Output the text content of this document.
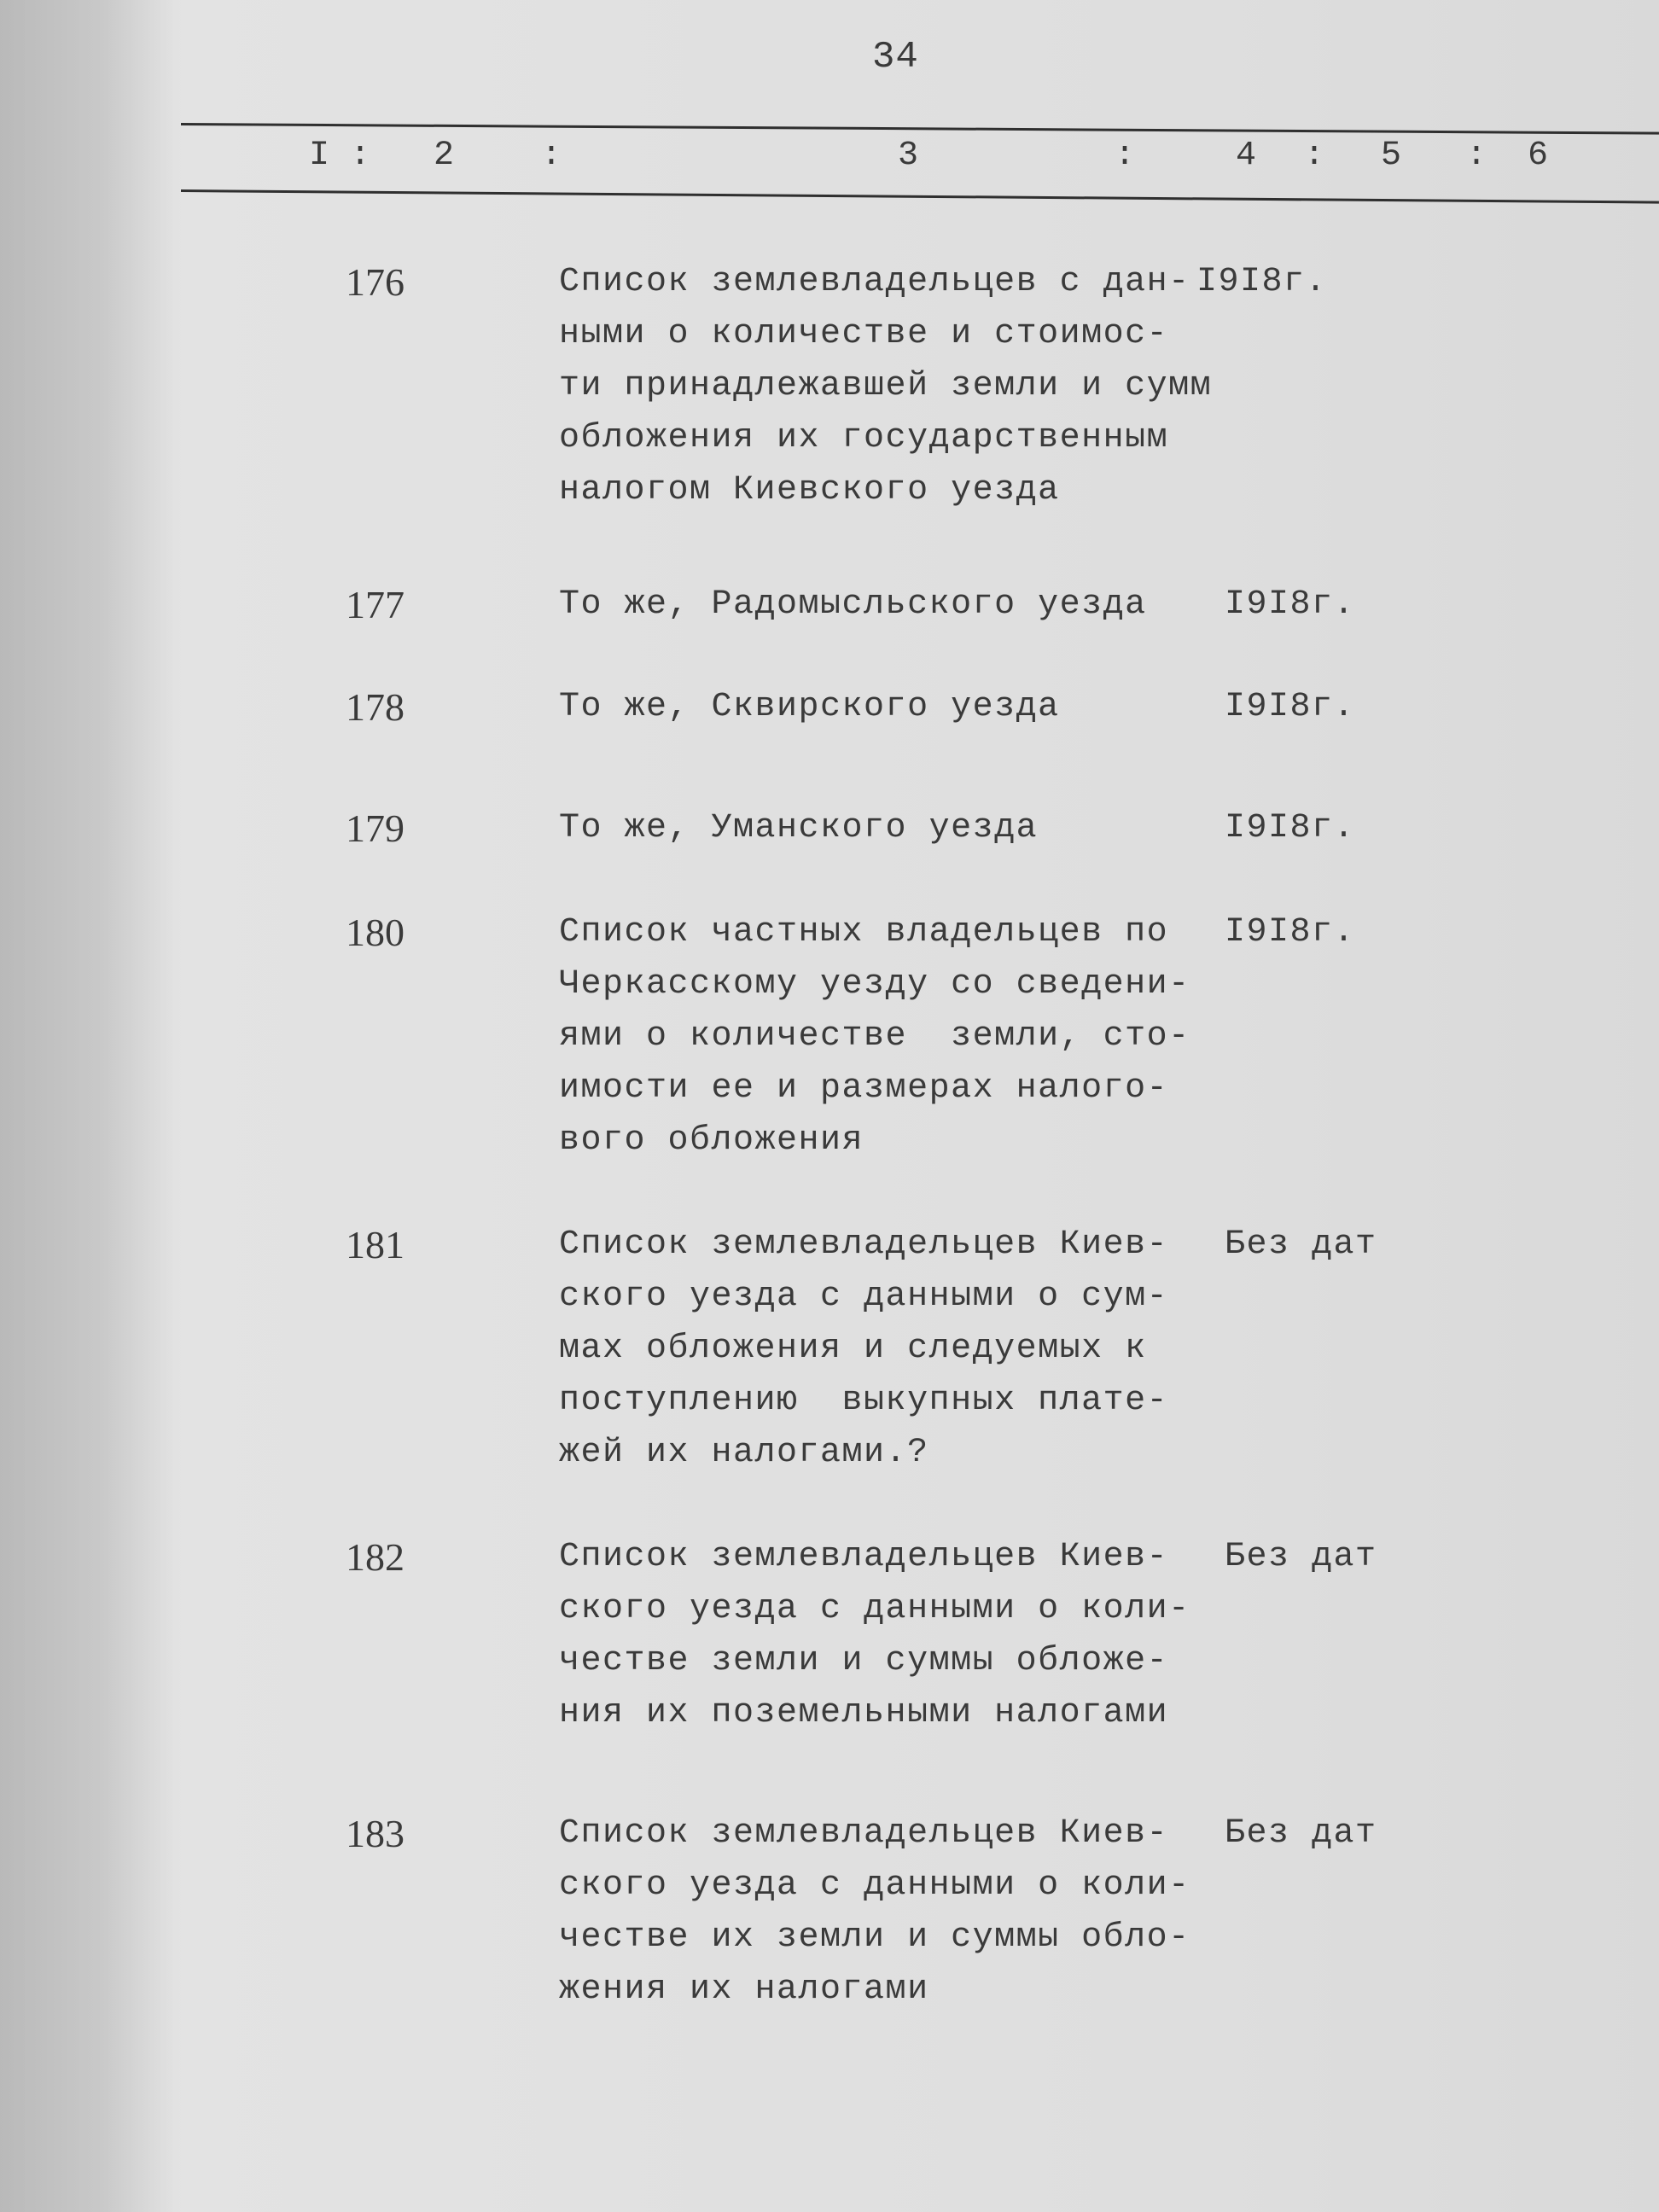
34
I : 2	:	3	:	4 : 5 : 6
176	Список землевладельцев с дан-
ными о количестве и стоимос-
ти принадлежавшей земли и сумм
обложения их государственным
налогом Киевского уезда
I9I8г.
177	То же, Радомысльского уезда	I9I8г.
178	То же, Сквирского уезда	I9I8г.
179	То же, Уманского уезда	I9I8г.
180	Список частных владельцев по
Черкасскому уезду со сведени-
ями о количестве  земли, сто-
имости ее и размерах налого-
вого обложения
I9I8г.
181	Список землевладельцев Киев-
ского уезда с данными о сум-
мах обложения и следуемых к
поступлению  выкупных плате-
жей их налогами.?
Без дат
182	Список землевладельцев Киев-
ского уезда с данными о коли-
честве земли и суммы обложе-
ния их поземельными налогами
Без дат
183	Список землевладельцев Киев-
ского уезда с данными о коли-
честве их земли и суммы обло-
жения их налогами
Без дат
